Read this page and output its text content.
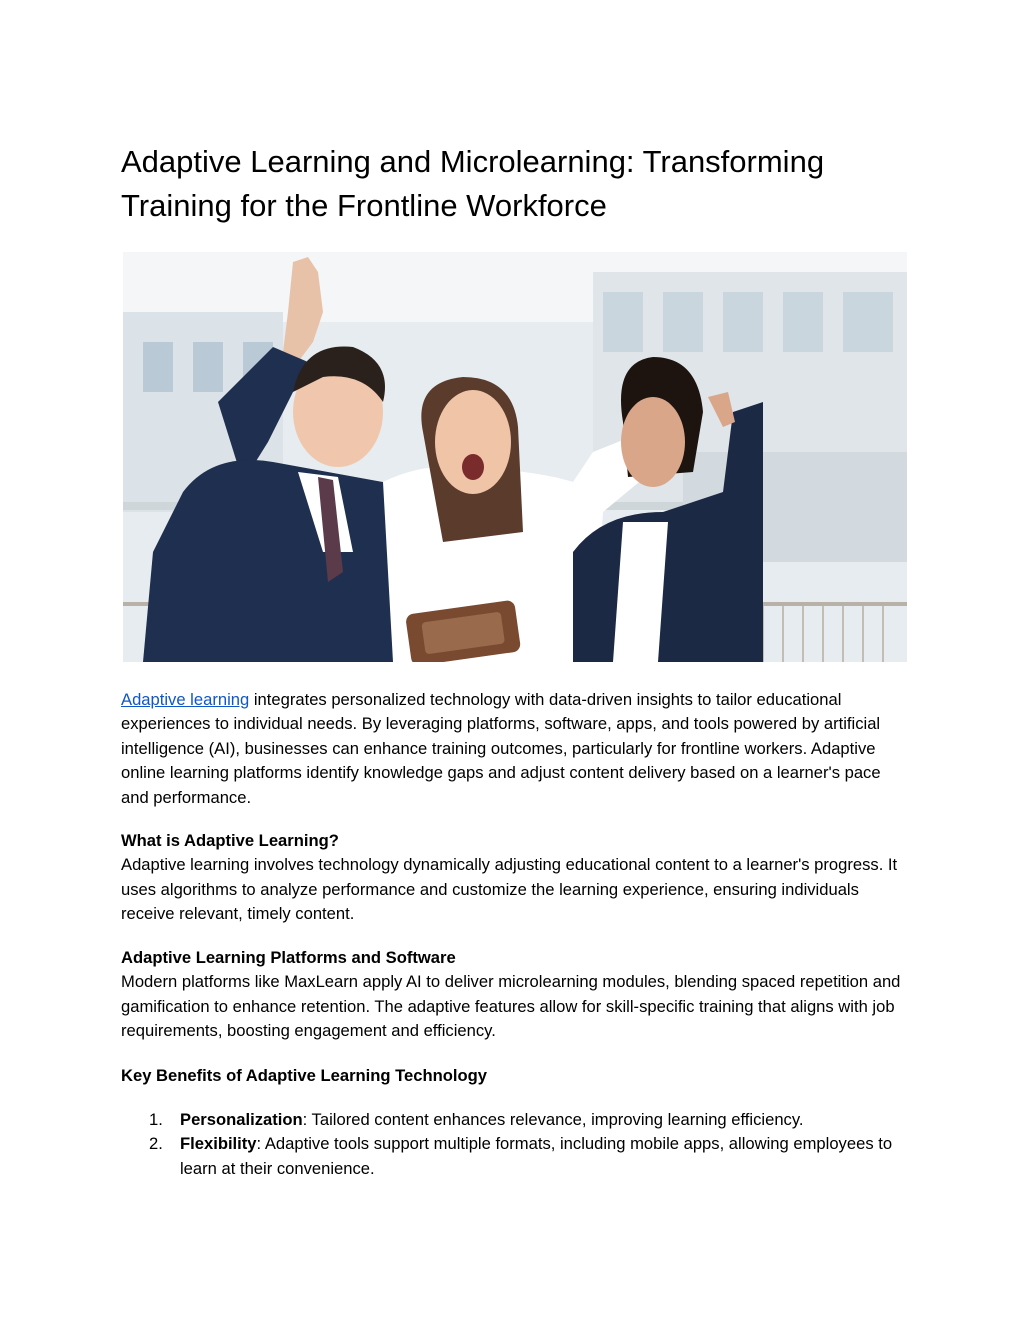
Adaptive Learning and Microlearning: Transforming Training for the Frontline Workforce

Adaptive learning integrates personalized technology with data-driven insights to tailor educational experiences to individual needs. By leveraging platforms, software, apps, and tools powered by artificial intelligence (AI), businesses can enhance training outcomes, particularly for frontline workers. Adaptive online learning platforms identify knowledge gaps and adjust content delivery based on a learner's pace and performance.

What is Adaptive Learning?
Adaptive learning involves technology dynamically adjusting educational content to a learner's progress. It uses algorithms to analyze performance and customize the learning experience, ensuring individuals receive relevant, timely content.

Adaptive Learning Platforms and Software
Modern platforms like MaxLearn apply AI to deliver microlearning modules, blending spaced repetition and gamification to enhance retention. The adaptive features allow for skill-specific training that aligns with job requirements, boosting engagement and efficiency.

Key Benefits of Adaptive Learning Technology

1. Personalization: Tailored content enhances relevance, improving learning efficiency.
2. Flexibility: Adaptive tools support multiple formats, including mobile apps, allowing employees to learn at their convenience.
